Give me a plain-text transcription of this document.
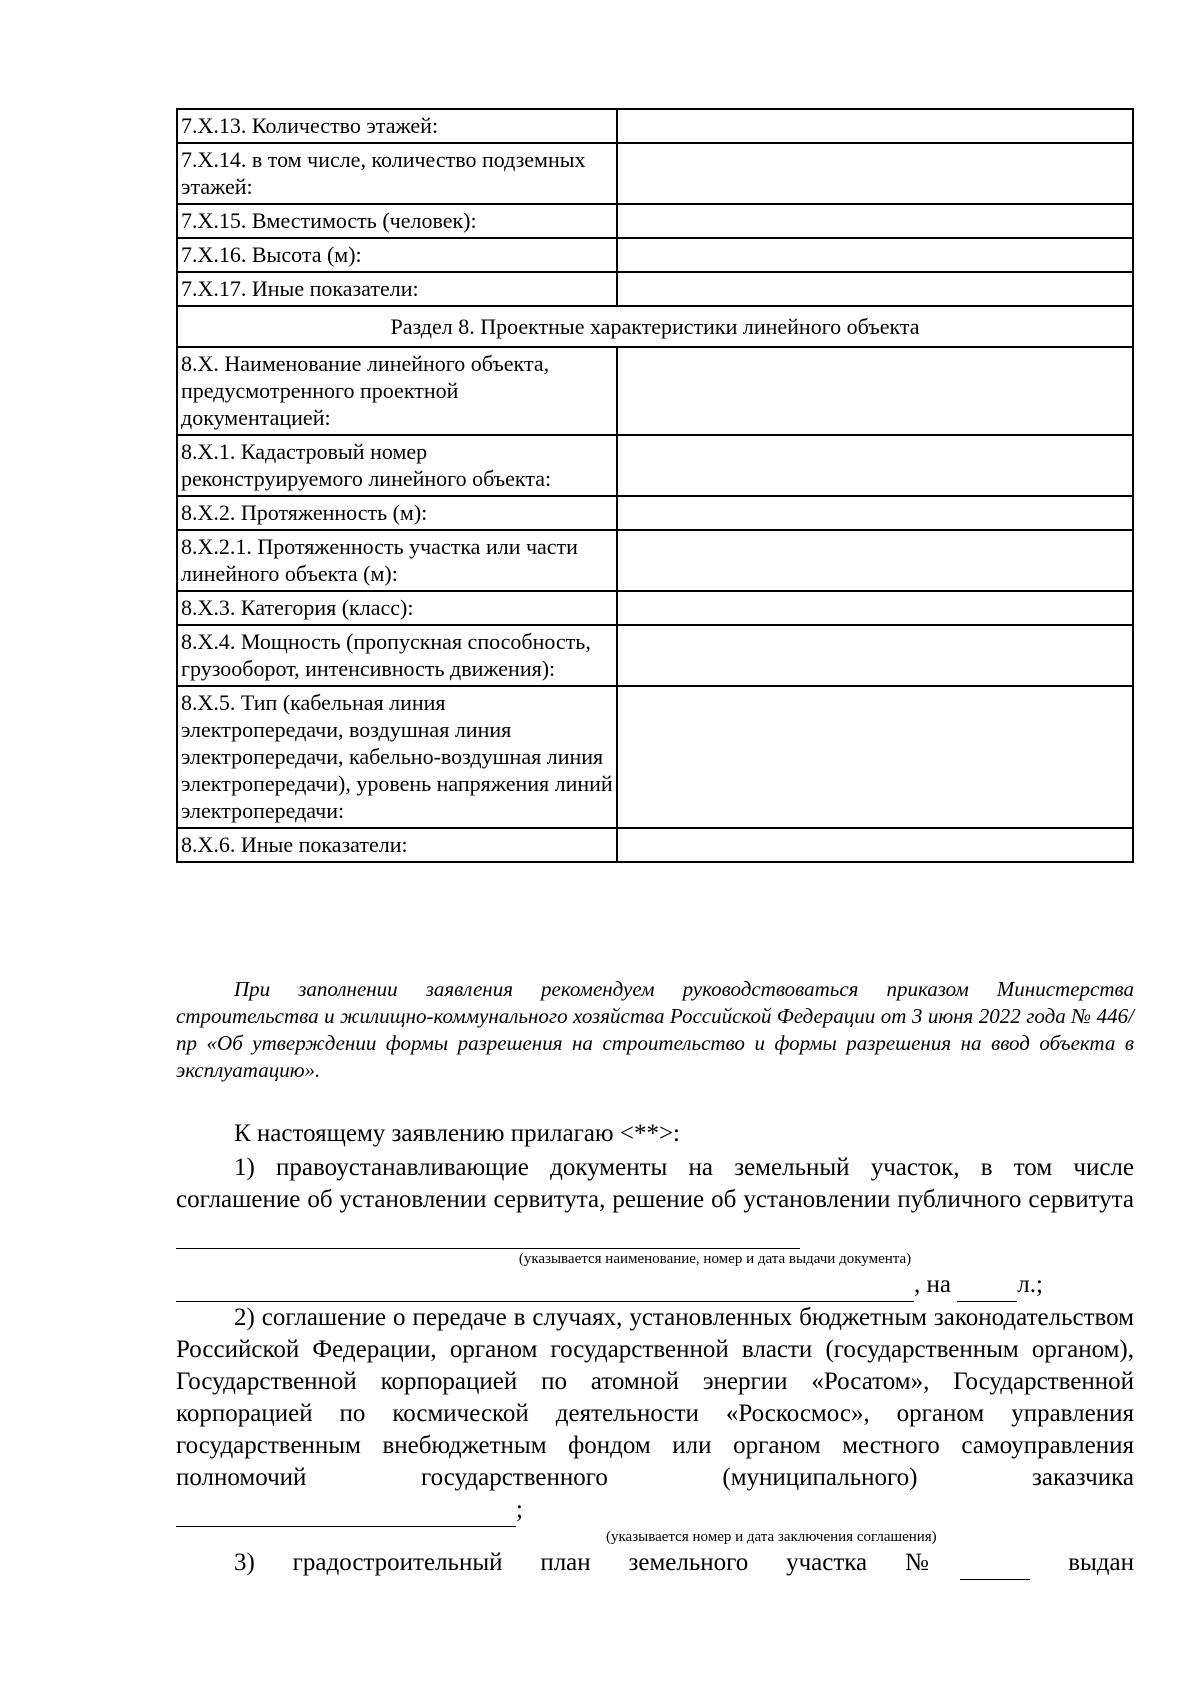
7.Х.13. Количество этажей:	
7.Х.14. в том числе, количество подземных этажей:	
7.Х.15. Вместимость (человек):	
7.Х.16. Высота (м):	
7.Х.17. Иные показатели:	
Раздел 8. Проектные характеристики линейного объекта	
8.Х. Наименование линейного объекта, предусмотренного проектной документацией:	
8.Х.1. Кадастровый номер реконструируемого линейного объекта:	
8.Х.2. Протяженность (м):	
8.Х.2.1. Протяженность участка или части линейного объекта (м):	
8.Х.3. Категория (класс):	
8.Х.4. Мощность (пропускная способность, грузооборот, интенсивность движения):	
8.Х.5. Тип (кабельная линия электропередачи, воздушная линия электропередачи, кабельно-воздушная линия электропередачи), уровень напряжения линий электропередачи:	
8.Х.6. Иные показатели:	
При заполнении заявления рекомендуем руководствоваться приказом Министерства строительства и жилищно-коммунального хозяйства Российской Федерации от 3 июня 2022 года № 446/пр «Об утверждении формы разрешения на строительство и формы разрешения на ввод объекта в эксплуатацию».

К настоящему заявлению прилагаю <**>:

1) правоустанавливающие документы на земельный участок, в том числе соглашение об установлении сервитута, решение об установлении публичного сервитута

(указывается наименование, номер и дата выдачи документа)

, на	л.;

2) соглашение о передаче в случаях, установленных бюджетным законодательством Российской Федерации, органом государственной власти (государственным органом), Государственной корпорацией по атомной энергии «Росатом», Государственной корпорацией по космической деятельности «Роскосмос», органом управления государственным внебюджетным фондом или органом местного самоуправления полномочий государственного (муниципального) заказчика ;

(указывается номер и дата заключения соглашения)

3) градостроительный план земельного участка №	выдан
